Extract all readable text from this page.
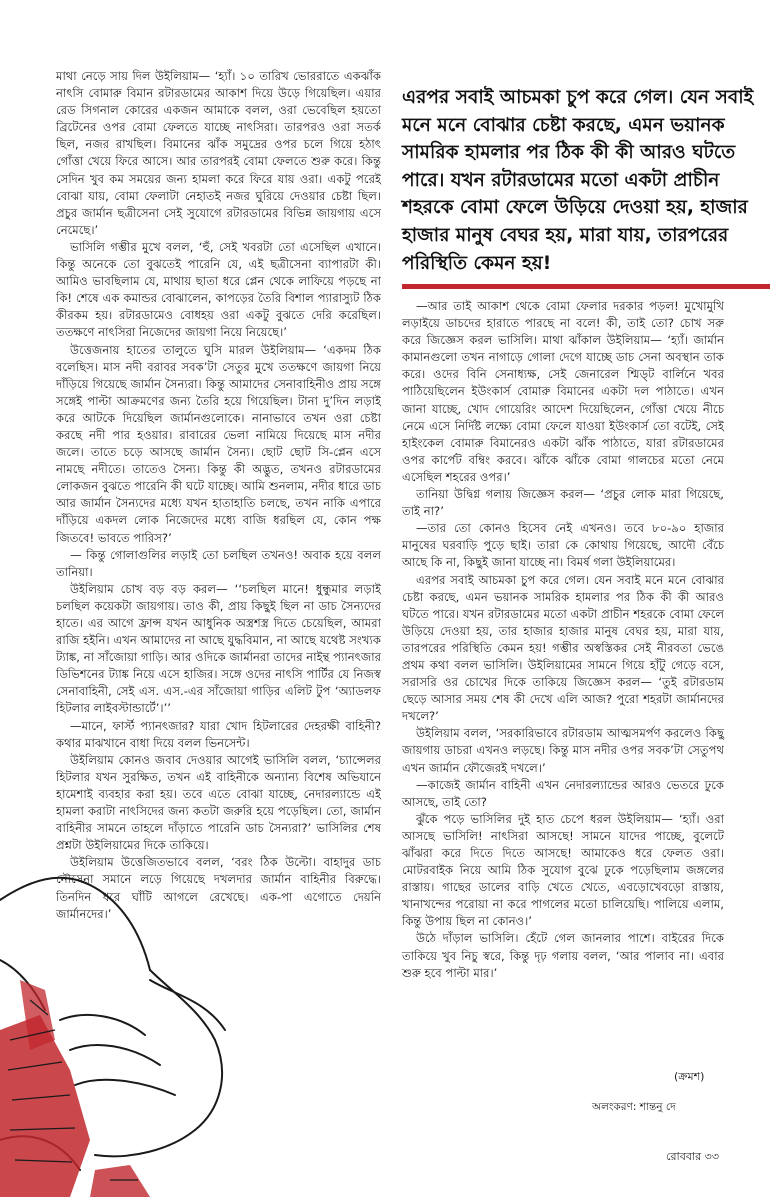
এরপর সবাই আচমকা চুপ করে গেল। যেন সবাই মনে মনে বোঝার চেষ্টা করছে, এমন ভয়ানক সামরিক হামলার পর ঠিক কী কী আরও ঘটতে পারে। যখন রটারডামের মতো একটা প্রাচীন শহরকে বোমা ফেলে উড়িয়ে দেওয়া হয়, হাজার হাজার মানুষ বেঘর হয়, মারা যায়, তারপরের পরিস্থিতি কেমন হয়!

মাথা নেড়ে সায় দিল উইলিয়াম— ‘হ্যাঁ। ১০ তারিখ ভোররাতে একঝাঁক নাৎসি বোমারু বিমান রটারডামের আকাশ দিয়ে উড়ে গিয়েছিল। এয়ার রেড সিগনাল কোরের একজন আমাকে বলল, ওরা ভেবেছিল হয়তো ব্রিটেনের ওপর বোমা ফেলতে যাচ্ছে নাৎসিরা। তারপরও ওরা সতর্ক ছিল, নজর রাখছিল। বিমানের ঝাঁক সমুদ্রের ওপর চলে গিয়ে হঠাৎ গোঁত্তা খেয়ে ফিরে আসে। আর তারপরই বোমা ফেলতে শুরু করে। কিন্তু সেদিন খুব কম সময়ের জন্য হামলা করে ফিরে যায় ওরা। একটু পরেই বোঝা যায়, বোমা ফেলাটা নেহাতই নজর ঘুরিয়ে দেওয়ার চেষ্টা ছিল। প্রচুর জার্মান ছত্রীসেনা সেই সুযোগে রটারডামের বিভিন্ন জায়গায় এসে নেমেছে।’

ভাসিলি গম্ভীর মুখে বলল, ‘হুঁ, সেই খবরটা তো এসেছিল এখানে। কিন্তু অনেকে তো বুঝতেই পারেনি যে, এই ছত্রীসেনা ব্যাপারটা কী। আমিও ভাবছিলাম যে, মাথায় ছাতা ধরে প্লেন থেকে লাফিয়ে পড়ছে না কি! শেষে এক কমান্ডর বোঝালেন, কাপড়ের তৈরি বিশাল প্যারাস্যুট ঠিক কীরকম হয়। রটারডামেও বোধহয় ওরা একটু বুঝতে দেরি করেছিল। ততক্ষণে নাৎসিরা নিজেদের জায়গা নিয়ে নিয়েছে।’

উত্তেজনায় হাতের তালুতে ঘুসি মারল উইলিয়াম— ‘একদম ঠিক বলেছিস। মাস নদী বরাবর সবক’টা সেতুর মুখে ততক্ষণে জায়গা নিয়ে দাঁড়িয়ে গিয়েছে জার্মান সৈন্যরা। কিন্তু আমাদের সেনাবাহিনীও প্রায় সঙ্গে সঙ্গেই পাল্টা আক্রমণের জন্য তৈরি হয়ে গিয়েছিল। টানা দু’দিন লড়াই করে আটকে দিয়েছিল জার্মানগুলোকে। নানাভাবে তখন ওরা চেষ্টা করছে নদী পার হওয়ার। রাবারের ভেলা নামিয়ে দিয়েছে মাস নদীর জলে। তাতে চড়ে আসছে জার্মান সৈন্য। ছোট ছোট সি-প্লেন এসে নামছে নদীতে। তাতেও সৈন্য। কিন্তু কী অদ্ভুত, তখনও রটারডামের লোকজন বুঝতে পারেনি কী ঘটে যাচ্ছে। আমি শুনলাম, নদীর ধারে ডাচ আর জার্মান সৈন্যদের মধ্যে যখন হাতাহাতি চলছে, তখন নাকি এপারে দাঁড়িয়ে একদল লোক নিজেদের মধ্যে বাজি ধরছিল যে, কোন পক্ষ জিতবে! ভাবতে পারিস?’

— কিন্তু গোলাগুলির লড়াই তো চলছিল তখনও! অবাক হয়ে বলল তানিয়া।

উইলিয়াম চোখ বড় বড় করল— ‘‘চলছিল মানে! ধুন্ধুমার লড়াই চলছিল কয়েকটা জায়গায়। তাও কী, প্রায় কিছুই ছিল না ডাচ সৈন্যদের হাতে। এর আগে ফ্রান্স যখন আধুনিক অস্ত্রশস্ত্র দিতে চেয়েছিল, আমরা রাজি হইনি। এখন আমাদের না আছে যুদ্ধবিমান, না আছে যথেষ্ট সংখ্যক ট্যাঙ্ক, না সাঁজোয়া গাড়ি। আর ওদিকে জার্মানরা তাদের নাইন্থ প্যানৎজার ডিভিশনের ট্যাঙ্ক নিয়ে এসে হাজির। সঙ্গে ওদের নাৎসি পার্টির যে নিজস্ব সেনাবাহিনী, সেই এস. এস.-এর সাঁজোয়া গাড়ির এলিট টুপ ‘অ্যাডলফ হিটলার লাইবস্টান্ডার্টে’।’’

—মানে, ফার্স্ট প্যানৎজার? যারা খোদ হিটলারের দেহরক্ষী বাহিনী? কথার মাঝখানে বাধা দিয়ে বলল ভিনসেন্ট।

উইলিয়াম কোনও জবাব দেওয়ার আগেই ভাসিলি বলল, ‘চ্যান্সেলর হিটলার যখন সুরক্ষিত, তখন এই বাহিনীকে অন্যান্য বিশেষ অভিযানে হামেশাই ব্যবহার করা হয়। তবে এতে বোঝা যাচ্ছে, নেদারল্যান্ডে এই হামলা করাটা নাৎসিদের জন্য কতটা জরুরি হয়ে পড়েছিল। তো, জার্মান বাহিনীর সামনে তাহলে দাঁড়াতে পারেনি ডাচ সৈন্যরা?’ ভাসিলির শেষ প্রশ্নটা উইলিয়ামের দিকে তাকিয়ে।

উইলিয়াম উত্তেজিতভাবে বলল, ‘বরং ঠিক উল্টো। বাহাদুর ডাচ নৌসেনা সমানে লড়ে গিয়েছে দখলদার জার্মান বাহিনীর বিরুদ্ধে। তিনদিন ধরে ঘাঁটি আগলে রেখেছে। এক-পা এগোতে দেয়নি জার্মানদের।’

—আর তাই আকাশ থেকে বোমা ফেলার দরকার পড়ল! মুখোমুখি লড়াইয়ে ডাচদের হারাতে পারছে না বলে! কী, তাই তো? চোখ সরু করে জিজ্ঞেস করল ভাসিলি। মাথা ঝাঁকাল উইলিয়াম— ‘হ্যাঁ। জার্মান কামানগুলো তখন নাগাড়ে গোলা দেগে যাচ্ছে ডাচ সেনা অবস্থান তাক করে। ওদের বিনি সেনাধ্যক্ষ, সেই জেনারেল শ্মিড্ট বার্লিনে খবর পাঠিয়েছিলেন ইউংকার্স বোমারু বিমানের একটা দল পাঠাতে। এখন জানা যাচ্ছে, খোদ গোয়েরিং আদেশ দিয়েছিলেন, গোঁত্তা খেয়ে নীচে নেমে এসে নির্দিষ্ট লক্ষ্যে বোমা ফেলে যাওয়া ইউংকার্স তো বটেই, সেই হাইংকেল বোমারু বিমানেরও একটা ঝাঁক পাঠাতে, যারা রটারডামের ওপর কার্পেট বম্বিং করবে। ঝাঁকে ঝাঁকে বোমা গালচের মতো নেমে এসেছিল শহরের ওপর।’

তানিয়া উদ্বিগ্ন গলায় জিজ্ঞেস করল— ‘প্রচুর লোক মারা গিয়েছে, তাই না?’

—তার তো কোনও হিসেব নেই এখনও। তবে ৮০-৯০ হাজার মানুষের ঘরবাড়ি পুড়ে ছাই। তারা কে কোথায় গিয়েছে, আদৌ বেঁচে আছে কি না, কিছুই জানা যাচ্ছে না। বিমর্ষ গলা উইলিয়ামের।

এরপর সবাই আচমকা চুপ করে গেল। যেন সবাই মনে মনে বোঝার চেষ্টা করছে, এমন ভয়ানক সামরিক হামলার পর ঠিক কী কী আরও ঘটতে পারে। যখন রটারডামের মতো একটা প্রাচীন শহরকে বোমা ফেলে উড়িয়ে দেওয়া হয়, তার হাজার হাজার মানুষ বেঘর হয়, মারা যায়, তারপরের পরিস্থিতি কেমন হয়! গম্ভীর অস্বস্তিকর সেই নীরবতা ভেঙে প্রথম কথা বলল ভাসিলি। উইলিয়ামের সামনে গিয়ে হাঁটু গেড়ে বসে, সরাসরি ওর চোখের দিকে তাকিয়ে জিজ্ঞেস করল— ‘তুই রটারডাম ছেড়ে আসার সময় শেষ কী দেখে এলি আজ? পুরো শহরটা জার্মানদের দখলে?’

উইলিয়াম বলল, ‘সরকারিভাবে রটারডাম আত্মসমর্পণ করলেও কিছু জায়গায় ডাচরা এখনও লড়ছে। কিন্তু মাস নদীর ওপর সবক’টা সেতুপথ এখন জার্মান ফৌজেরই দখলে।’

—কাজেই জার্মান বাহিনী এখন নেদারল্যান্ডের আরও ভেতরে ঢুকে আসছে, তাই তো?

ঝুঁকে পড়ে ভাসিলির দুই হাত চেপে ধরল উইলিয়াম— ‘হ্যাঁ। ওরা আসছে ভাসিলি! নাৎসিরা আসছে! সামনে যাদের পাচ্ছে, বুলেটে ঝাঁঝরা করে দিতে দিতে আসছে! আমাকেও ধরে ফেলত ওরা। মোটরবাইক নিয়ে আমি ঠিক সুযোগ বুঝে ঢুকে পড়েছিলাম জঙ্গলের রাস্তায়। গাছের ডালের বাড়ি খেতে খেতে, এবড়োখেবড়ো রাস্তায়, খানাখন্দের পরোয়া না করে পাগলের মতো চালিয়েছি। পালিয়ে এলাম, কিন্তু উপায় ছিল না কোনও।’

উঠে দাঁড়াল ভাসিলি। হেঁটে গেল জানলার পাশে। বাইরের দিকে তাকিয়ে খুব নিচু স্বরে, কিন্তু দৃঢ় গলায় বলল, ‘আর পালাব না। এবার শুরু হবে পাল্টা মার।’

(ক্রমশ)
অলংকরণ: শান্তনু দে
রোববার ৩৩
